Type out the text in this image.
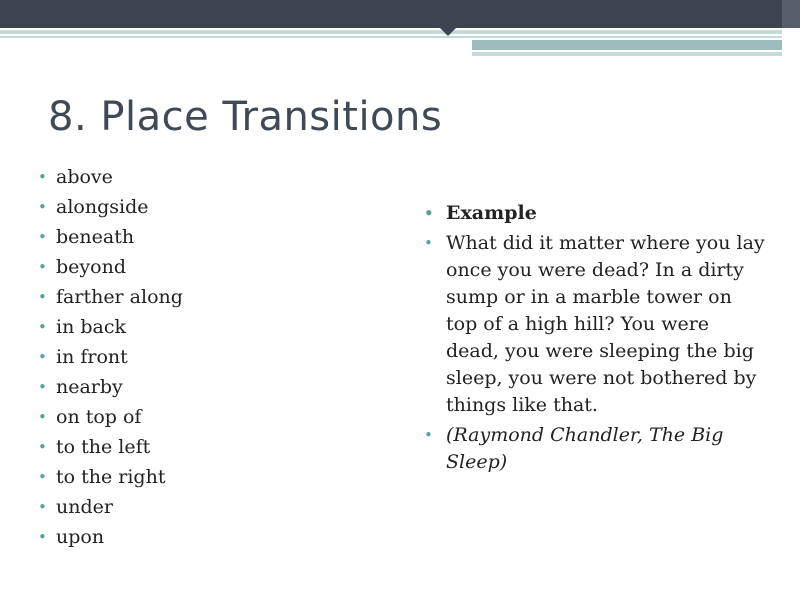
8. Place Transitions
• above
• alongside
• beneath
• beyond
• farther along
• in back
• in front
• nearby
• on top of
• to the left
• to the right
• under
• upon
• Example
• What did it matter where you lay once you were dead? In a dirty sump or in a marble tower on top of a high hill? You were dead, you were sleeping the big sleep, you were not bothered by things like that.
• (Raymond Chandler, The Big Sleep)
